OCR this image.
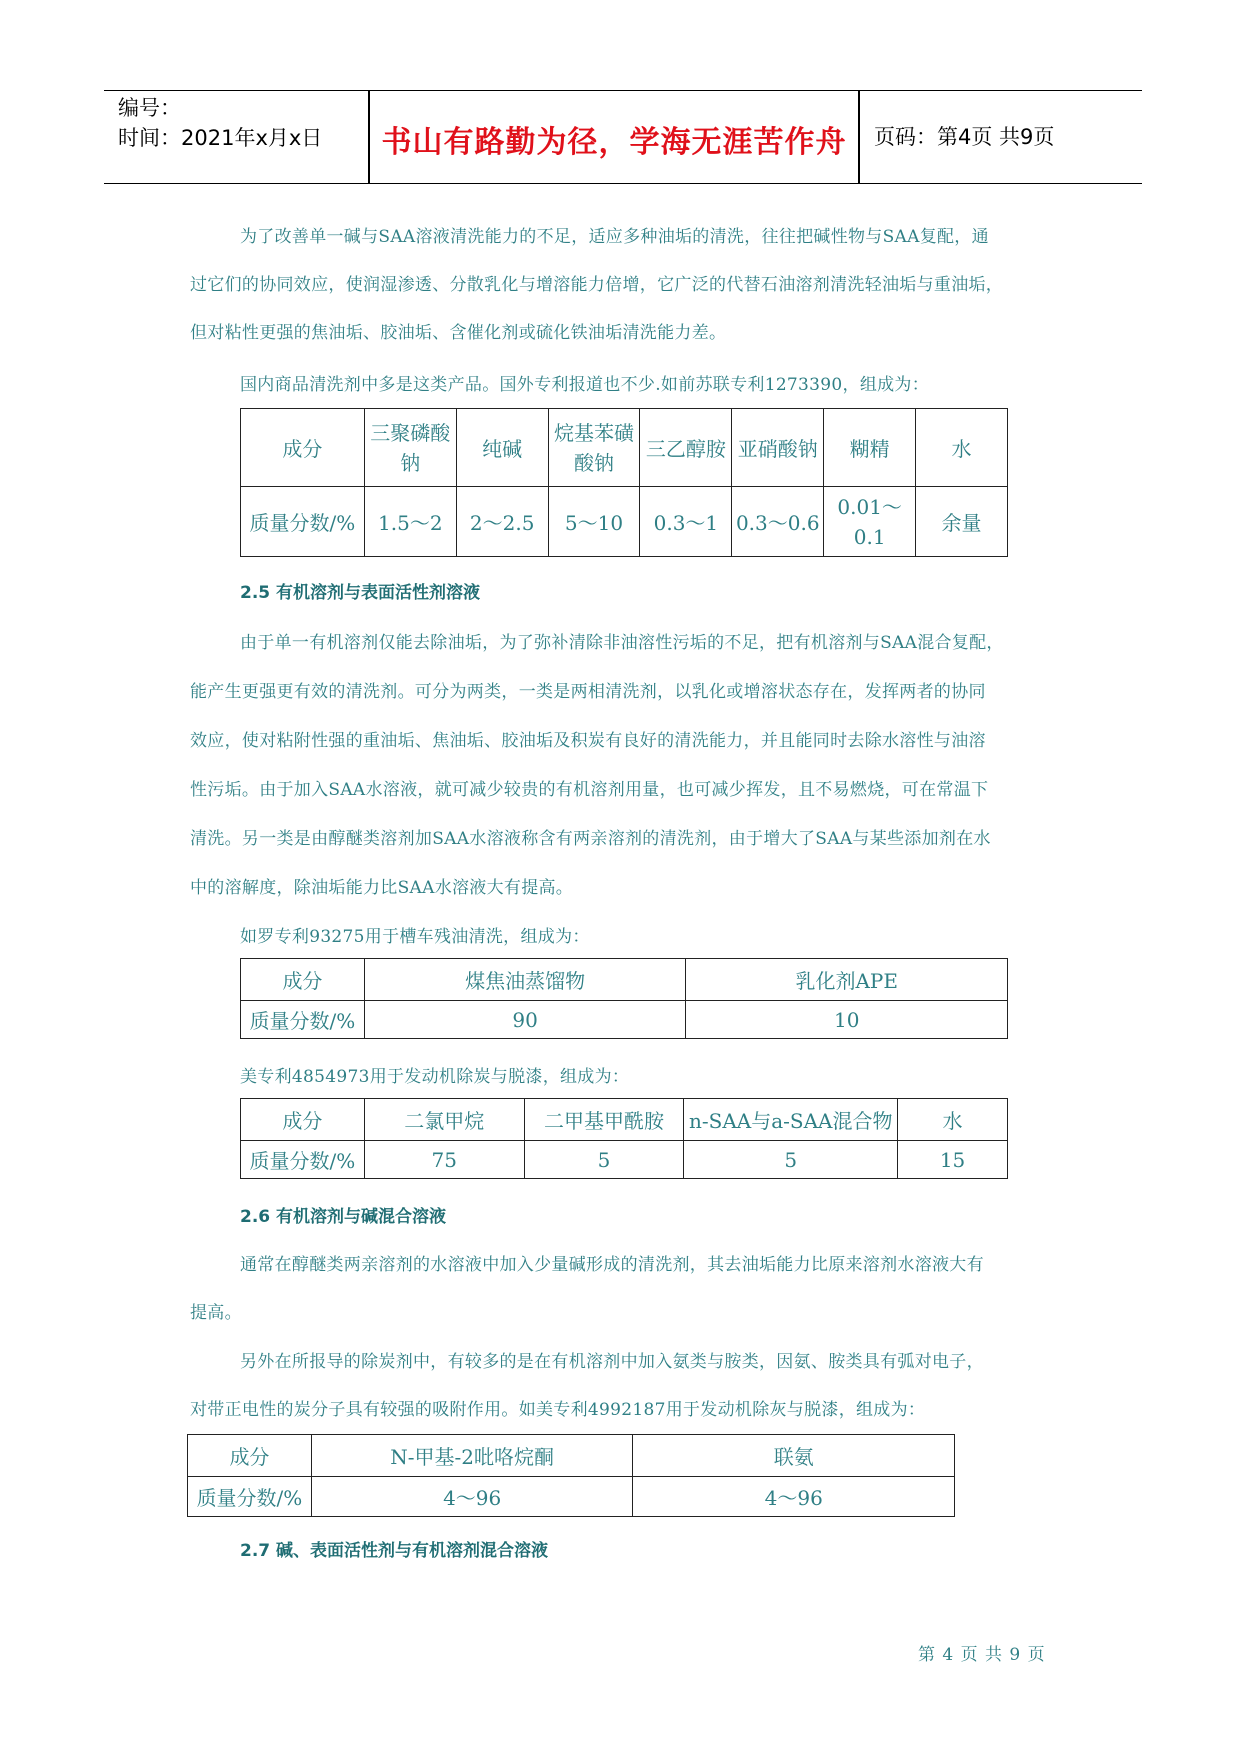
编号：
时间：2021年x月x日	书山有路勤为径，学海无涯苦作舟	页码：第4页 共9页
为了改善单一碱与SAA溶液清洗能力的不足，适应多种油垢的清洗，往往把碱性物与SAA复配，通
过它们的协同效应，使润湿渗透、分散乳化与增溶能力倍增，它广泛的代替石油溶剂清洗轻油垢与重油垢，
但对粘性更强的焦油垢、胶油垢、含催化剂或硫化铁油垢清洗能力差。
国内商品清洗剂中多是这类产品。国外专利报道也不少.如前苏联专利1273390，组成为：
成分	三聚磷酸钠	纯碱	烷基苯磺酸钠	三乙醇胺	亚硝酸钠	糊精	水
质量分数/%	1.5～2	2～2.5	5～10	0.3～1	0.3～0.6	0.01～0.1	余量
2.5 有机溶剂与表面活性剂溶液
由于单一有机溶剂仅能去除油垢，为了弥补清除非油溶性污垢的不足，把有机溶剂与SAA混合复配，
能产生更强更有效的清洗剂。可分为两类，一类是两相清洗剂，以乳化或增溶状态存在，发挥两者的协同
效应，使对粘附性强的重油垢、焦油垢、胶油垢及积炭有良好的清洗能力，并且能同时去除水溶性与油溶
性污垢。由于加入SAA水溶液，就可减少较贵的有机溶剂用量，也可减少挥发，且不易燃烧，可在常温下
清洗。另一类是由醇醚类溶剂加SAA水溶液称含有两亲溶剂的清洗剂，由于增大了SAA与某些添加剂在水
中的溶解度，除油垢能力比SAA水溶液大有提高。
如罗专利93275用于槽车残油清洗，组成为：
成分	煤焦油蒸馏物	乳化剂APE
质量分数/%	90	10
美专利4854973用于发动机除炭与脱漆，组成为：
成分	二氯甲烷	二甲基甲酰胺	n-SAA与a-SAA混合物	水
质量分数/%	75	5	5	15
2.6 有机溶剂与碱混合溶液
通常在醇醚类两亲溶剂的水溶液中加入少量碱形成的清洗剂，其去油垢能力比原来溶剂水溶液大有
提高。
另外在所报导的除炭剂中，有较多的是在有机溶剂中加入氨类与胺类，因氨、胺类具有弧对电子，
对带正电性的炭分子具有较强的吸附作用。如美专利4992187用于发动机除灰与脱漆，组成为：
成分	N-甲基-2吡咯烷酮	联氨
质量分数/%	4～96	4～96
2.7 碱、表面活性剂与有机溶剂混合溶液
第 4 页 共 9 页
